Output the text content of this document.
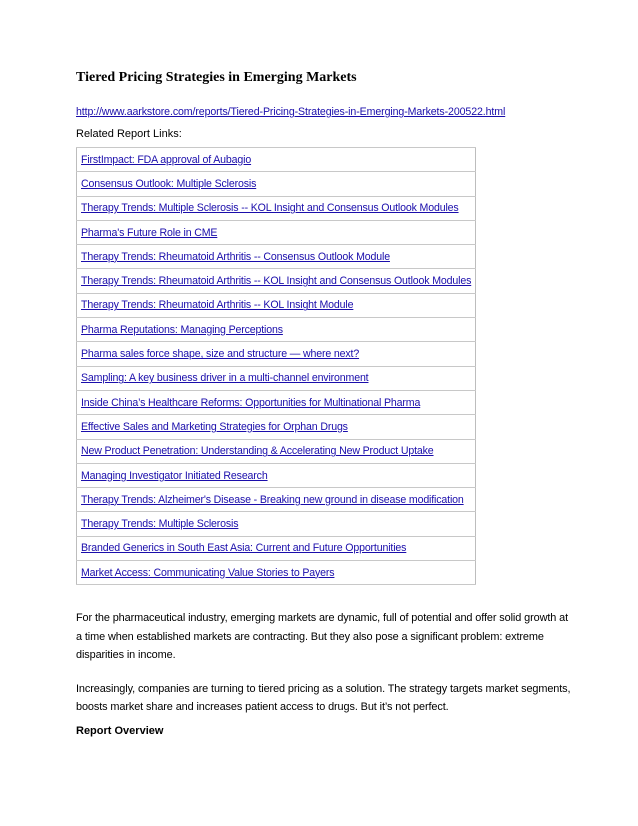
Tiered Pricing Strategies in Emerging Markets
http://www.aarkstore.com/reports/Tiered-Pricing-Strategies-in-Emerging-Markets-200522.html
Related Report Links:
FirstImpact: FDA approval of Aubagio
Consensus Outlook: Multiple Sclerosis
Therapy Trends: Multiple Sclerosis -- KOL Insight and Consensus Outlook Modules
Pharma's Future Role in CME
Therapy Trends: Rheumatoid Arthritis -- Consensus Outlook Module
Therapy Trends: Rheumatoid Arthritis -- KOL Insight and Consensus Outlook Modules
Therapy Trends: Rheumatoid Arthritis -- KOL Insight Module
Pharma Reputations: Managing Perceptions
Pharma sales force shape, size and structure — where next?
Sampling: A key business driver in a multi-channel environment
Inside China’s Healthcare Reforms: Opportunities for Multinational Pharma
Effective Sales and Marketing Strategies for Orphan Drugs
New Product Penetration: Understanding & Accelerating New Product Uptake
Managing Investigator Initiated Research
Therapy Trends: Alzheimer's Disease - Breaking new ground in disease modification
Therapy Trends: Multiple Sclerosis
Branded Generics in South East Asia: Current and Future Opportunities
Market Access: Communicating Value Stories to Payers

For the pharmaceutical industry, emerging markets are dynamic, full of potential and offer solid growth at a time when established markets are contracting. But they also pose a significant problem: extreme disparities in income.

Increasingly, companies are turning to tiered pricing as a solution. The strategy targets market segments, boosts market share and increases patient access to drugs. But it’s not perfect.

Report Overview
